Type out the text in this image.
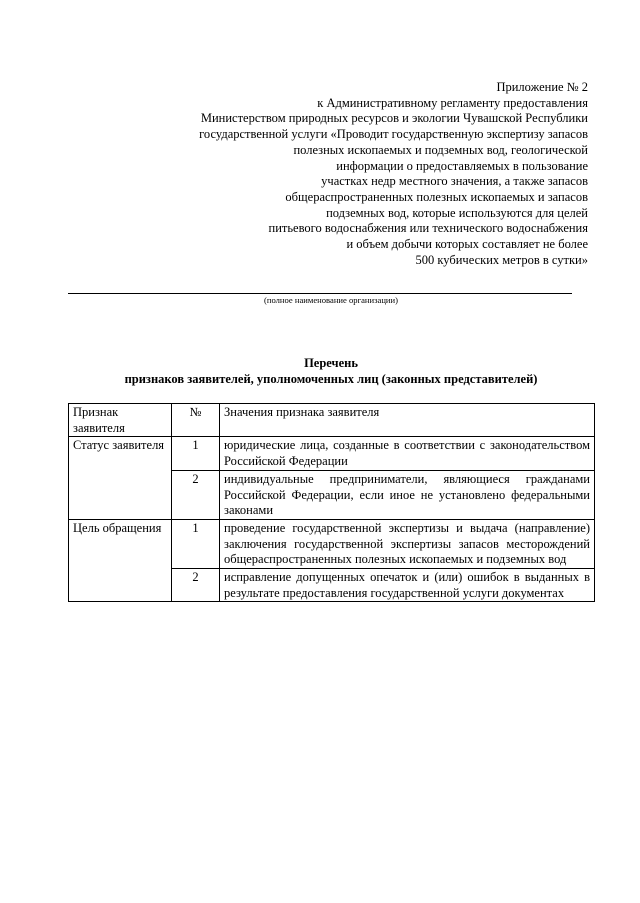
Приложение № 2
к Административному регламенту предоставления
Министерством природных ресурсов и экологии Чувашской Республики
государственной услуги «Проводит государственную экспертизу запасов
полезных ископаемых и подземных вод, геологической
информации о предоставляемых в пользование
участках недр местного значения, а также запасов
общераспространенных полезных ископаемых и запасов
подземных вод, которые используются для целей
питьевого водоснабжения или технического водоснабжения
и объем добычи которых составляет не более
500 кубических метров в сутки»
(полное наименование организации)
Перечень
признаков заявителей, уполномоченных лиц (законных представителей)
Признак заявителя	№	Значения признака заявителя
Статус заявителя	1	юридические лица, созданные в соответствии с законодательством Российской Федерации
	2	индивидуальные предприниматели, являющиеся гражданами Российской Федерации, если иное не установлено федеральными законами
Цель обращения	1	проведение государственной экспертизы и выдача (направление) заключения государственной экспертизы запасов месторождений общераспространенных полезных ископаемых и подземных вод
	2	исправление допущенных опечаток и (или) ошибок в выданных в результате предоставления государственной услуги документах
